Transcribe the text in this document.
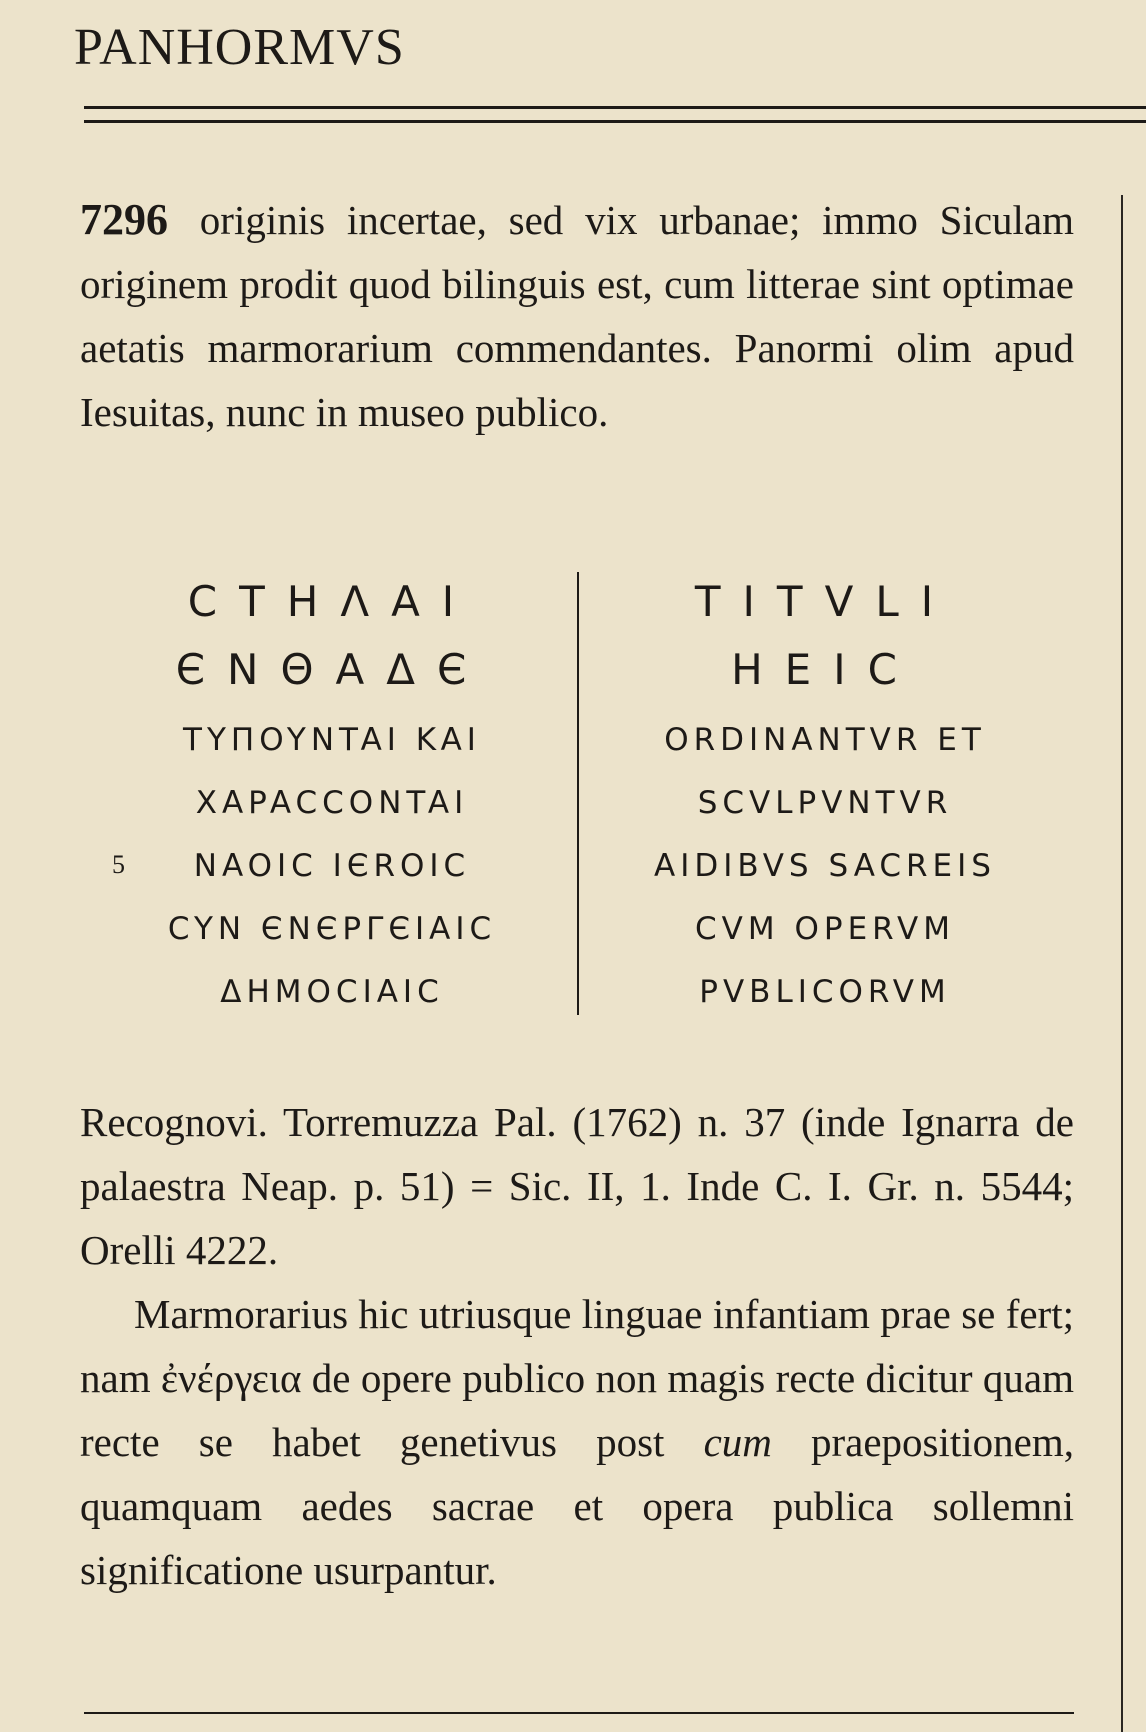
PANHORMVS
7296 originis incertae, sed vix urbanae; immo Siculam originem prodit quod bilinguis est, cum litterae sint optimae aetatis marmorarium commendantes. Panormi olim apud Iesuitas, nunc in museo publico.
CTHΛAI
ЄNΘAΔЄ
TYΠOYNTAI KAI
XAPACCONTAI
NAOIC IЄROIC
CYN ЄNЄPΓЄIAIC
ΔHMOCIAIC
5
TITVLI
HEIC
ORDINANTVR ET
SCVLPVNTVR
AIDIBVS SACREIS
CVM OPERVM
PVBLICORVM
Recognovi. Torremuzza Pal. (1762) n. 37 (inde Ignarra de palaestra Neap. p. 51) = Sic. II, 1. Inde C. I. Gr. n. 5544; Orelli 4222.
Marmorarius hic utriusque linguae infantiam prae se fert; nam ἐνέργεια de opere publico non magis recte dicitur quam recte se habet genetivus post cum praepositionem, quamquam aedes sacrae et opera publica sollemni significatione usurpantur.
